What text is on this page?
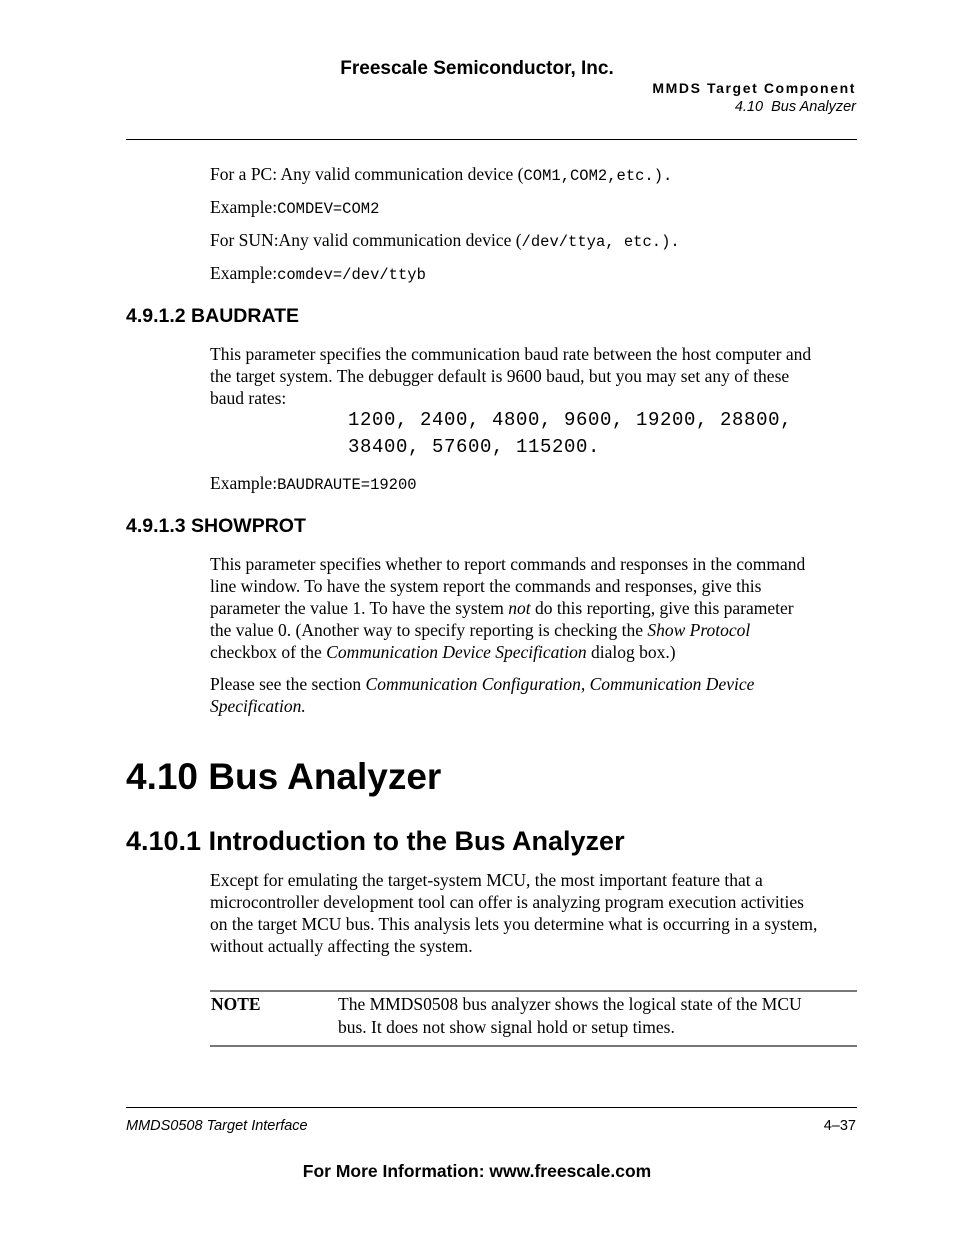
Freescale Semiconductor, Inc.
MMDS Target Component
4.10  Bus Analyzer
For a PC: Any valid communication device (COM1,COM2,etc.).
Example:COMDEV=COM2
For SUN:Any valid communication device (/dev/ttya, etc.).
Example:comdev=/dev/ttyb
4.9.1.2 BAUDRATE
This parameter specifies the communication baud rate between the host computer and
the target system. The debugger default is 9600 baud, but you may set any of these
baud rates:
1200, 2400, 4800, 9600, 19200, 28800,
38400, 57600, 115200.
Example:BAUDRAUTE=19200
4.9.1.3 SHOWPROT
This parameter specifies whether to report commands and responses in the command
line window. To have the system report the commands and responses, give this
parameter the value 1. To have the system not do this reporting, give this parameter
the value 0. (Another way to specify reporting is checking the Show Protocol
checkbox of the Communication Device Specification dialog box.)
Please see the section Communication Configuration, Communication Device
Specification.
4.10 Bus Analyzer
4.10.1 Introduction to the Bus Analyzer
Except for emulating the target-system MCU, the most important feature that a
microcontroller development tool can offer is analyzing program execution activities
on the target MCU bus. This analysis lets you determine what is occurring in a system,
without actually affecting the system.
NOTE	The MMDS0508 bus analyzer shows the logical state of the MCU
bus. It does not show signal hold or setup times.
MMDS0508 Target Interface	4–37
For More Information: www.freescale.com
